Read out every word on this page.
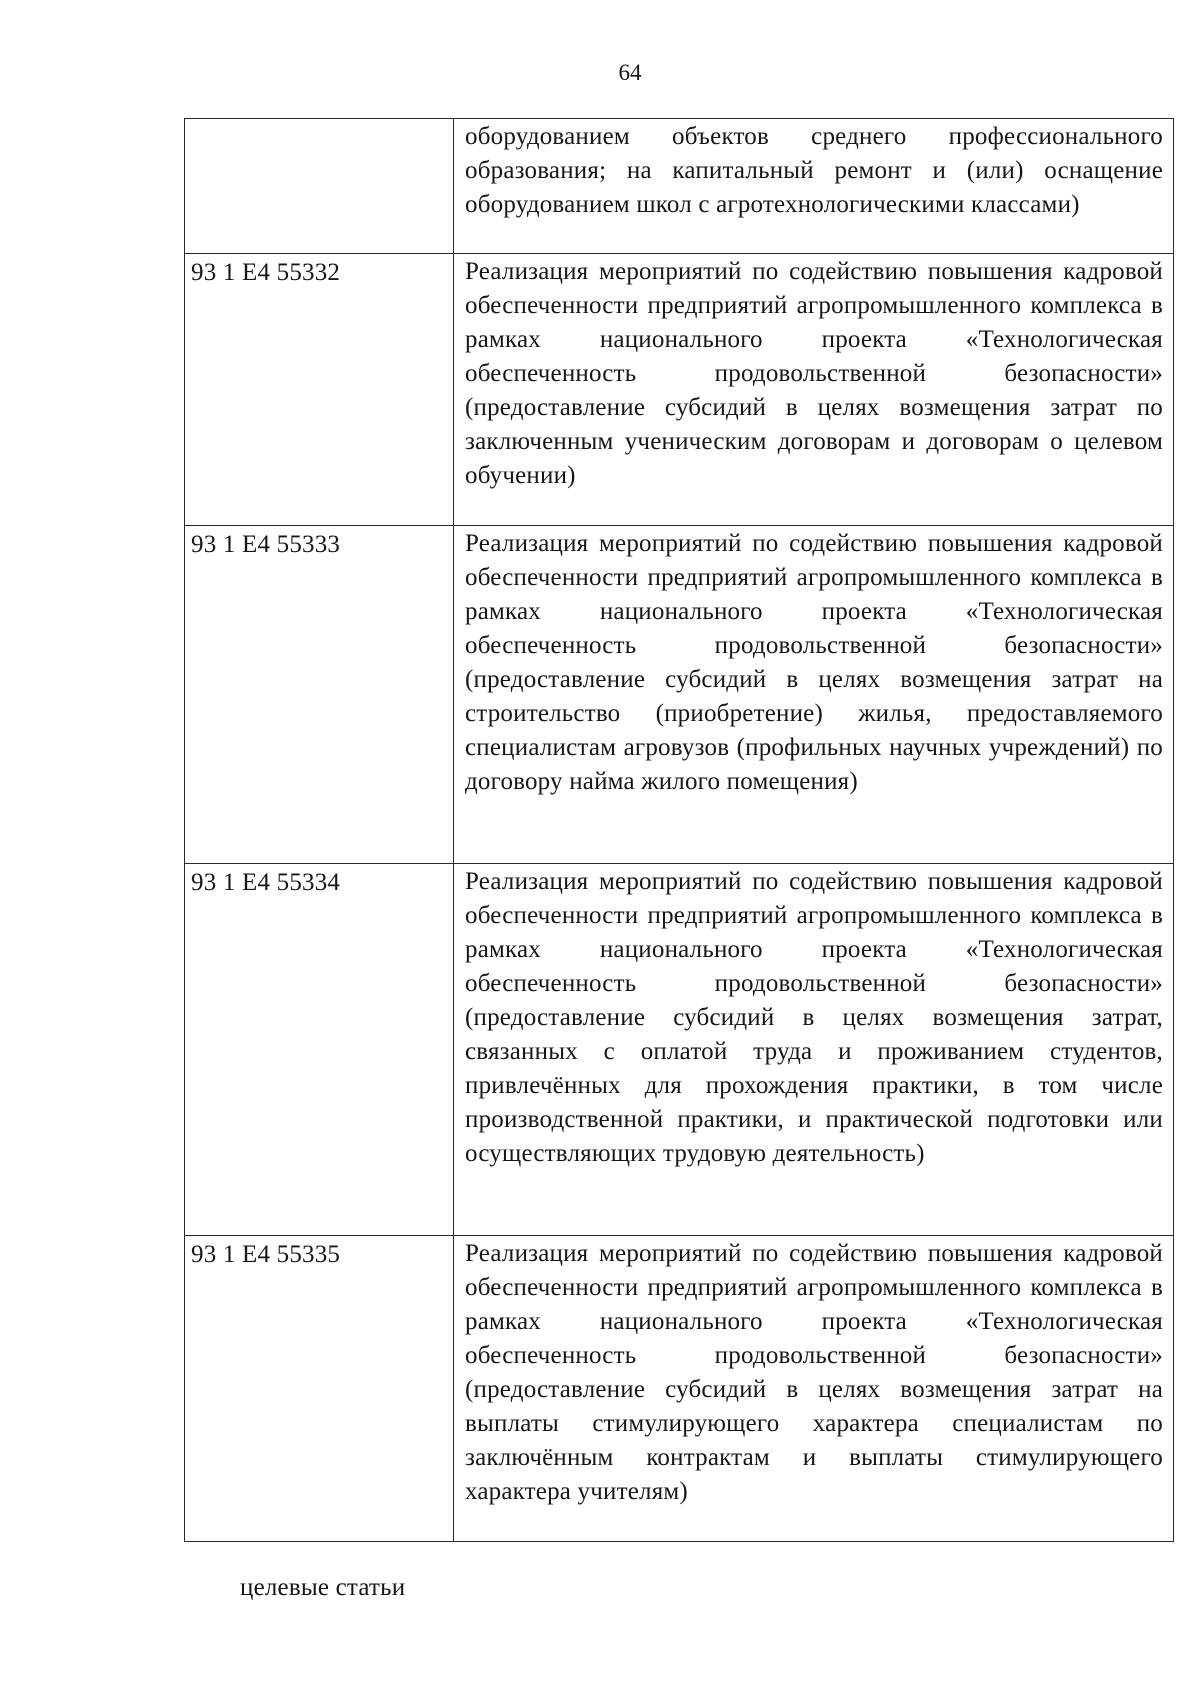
64
	оборудованием объектов среднего профессионального образования; на капитальный ремонт и (или) оснащение оборудованием школ с агротехнологическими классами)
93 1 Е4 55332	Реализация мероприятий по содействию повышения кадровой обеспеченности предприятий агропромышленного комплекса в рамках национального проекта «Технологическая обеспеченность продовольственной безопасности» (предоставление субсидий в целях возмещения затрат по заключенным ученическим договорам и договорам о целевом обучении)
93 1 Е4 55333	Реализация мероприятий по содействию повышения кадровой обеспеченности предприятий агропромышленного комплекса в рамках национального проекта «Технологическая обеспеченность продовольственной безопасности» (предоставление субсидий в целях возмещения затрат на строительство (приобретение) жилья, предоставляемого специалистам агровузов (профильных научных учреждений) по договору найма жилого помещения)
93 1 Е4 55334	Реализация мероприятий по содействию повышения кадровой обеспеченности предприятий агропромышленного комплекса в рамках национального проекта «Технологическая обеспеченность продовольственной безопасности» (предоставление субсидий в целях возмещения затрат, связанных с оплатой труда и проживанием студентов, привлечённых для прохождения практики, в том числе производственной практики, и практической подготовки или осуществляющих трудовую деятельность)
93 1 Е4 55335	Реализация мероприятий по содействию повышения кадровой обеспеченности предприятий агропромышленного комплекса в рамках национального проекта «Технологическая обеспеченность продовольственной безопасности» (предоставление субсидий в целях возмещения затрат на выплаты стимулирующего характера специалистам по заключённым контрактам и выплаты стимулирующего характера учителям)
целевые статьи
